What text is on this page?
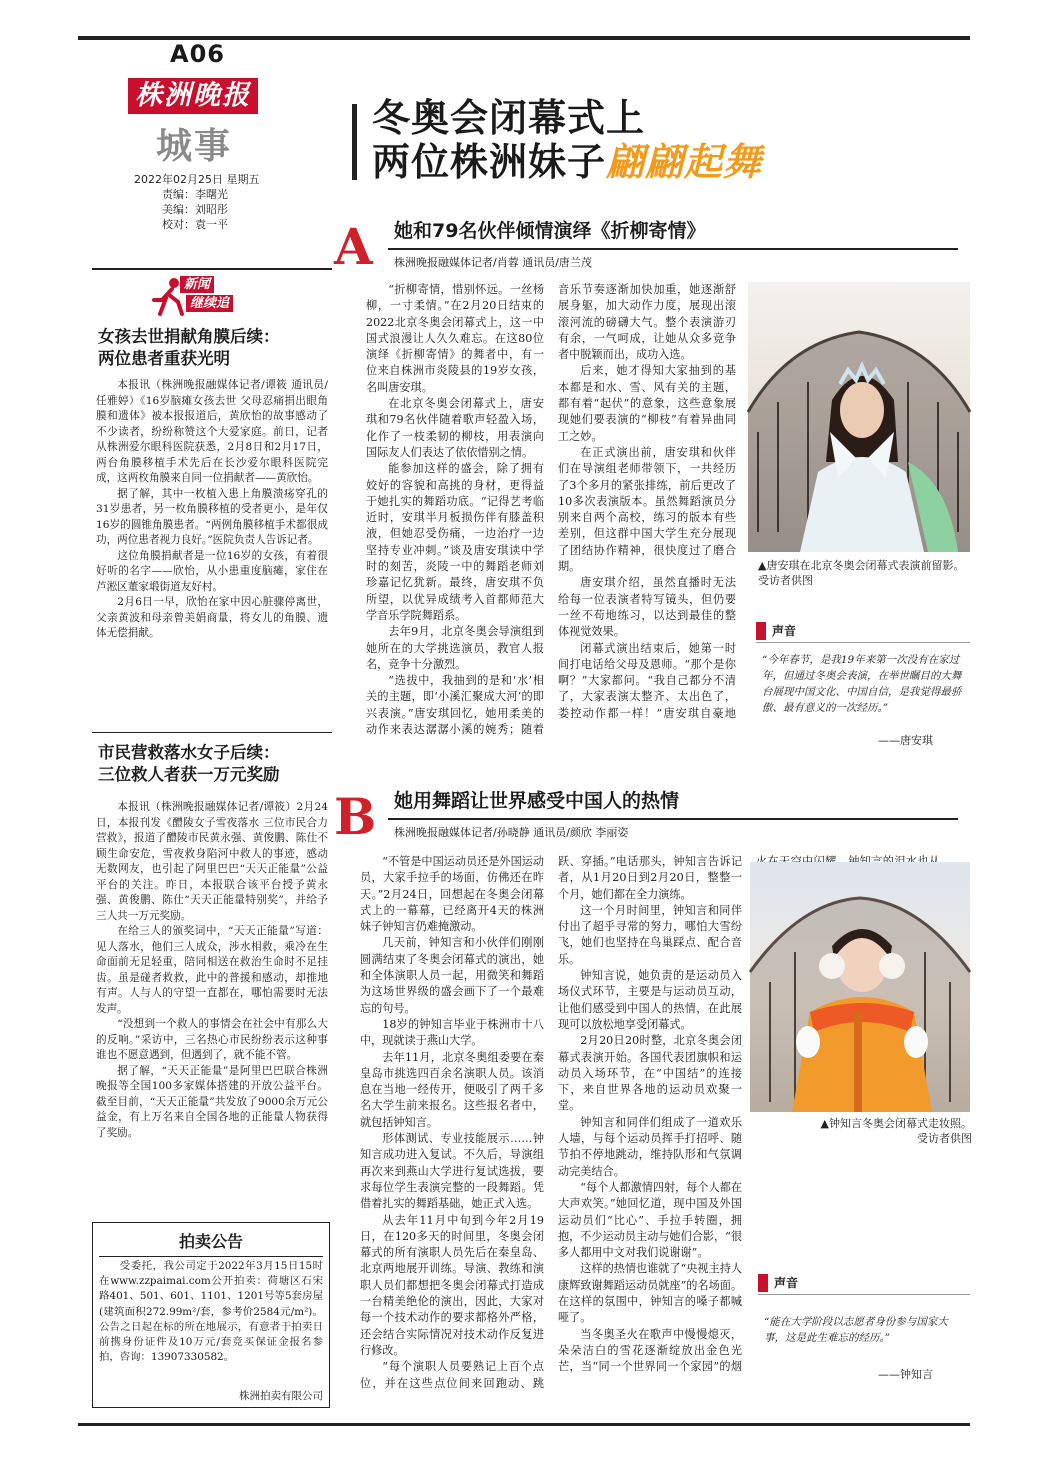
A06
株洲晚报
城事
2022年02月25日 星期五
责编：李曙光
美编：刘昭彤
校对：袁一平
冬奥会闭幕式上
两位株洲妹子翩翩起舞
新闻
继续追
女孩去世捐献角膜后续：
两位患者重获光明

本报讯（株洲晚报融媒体记者/谭筱 通讯员/任雅婷）《16岁脑瘫女孩去世 父母忍痛捐出眼角膜和遗体》被本报报道后，黄欣怡的故事感动了不少读者，纷纷称赞这个大爱家庭。前日，记者从株洲爱尔眼科医院获悉，2月8日和2月17日，两台角膜移植手术先后在长沙爱尔眼科医院完成，这两枚角膜来自同一位捐献者——黄欣怡。

据了解，其中一枚植入患上角膜溃疡穿孔的31岁患者，另一枚角膜移植的受者更小，是年仅16岁的圆锥角膜患者。“两例角膜移植手术都很成功，两位患者视力良好。”医院负责人告诉记者。

这位角膜捐献者是一位16岁的女孩，有着很好听的名字——欣怡，从小患重度脑瘫，家住在芦淞区董家塅街道友好村。

2月6日一早，欣怡在家中因心脏骤停离世，父亲黄波和母亲曾美娟商量，将女儿的角膜、遗体无偿捐献。

市民营救落水女子后续：
三位救人者获一万元奖励

本报讯（株洲晚报融媒体记者/谭筱）2月24日，本报刊发《醴陵女子雪夜落水 三位市民合力营救》，报道了醴陵市民黄永强、黄俊鹏、陈仕不顾生命安危，雪夜救身陷河中救人的事迹，感动无数网友，也引起了阿里巴巴“天天正能量”公益平台的关注。昨日，本报联合该平台授予黄永强、黄俊鹏、陈仕“天天正能量特别奖”，并给予三人共一万元奖励。

在给三人的颁奖词中，“天天正能量”写道：见人落水，他们三人成众，涉水相救，乘冷在生命面前无足轻重，陪同相送在救治生命时不足挂齿。虽是碰者救救，此中的普援和感动，却推地有声。人与人的守望一直都在，哪怕需要时无法发声。

“没想到一个救人的事情会在社会中有那么大的反响。”采访中，三名热心市民纷纷表示这种事谁也不愿意遇到，但遇到了，就不能不管。

据了解，“天天正能量”是阿里巴巴联合株洲晚报等全国100多家媒体搭建的开放公益平台。截至目前，“天天正能量”共发放了9000余万元公益金，有上万名来自全国各地的正能量人物获得了奖励。

拍卖公告
受委托，我公司定于2022年3月15日15时在www.zzpaimai.com公开拍卖：荷塘区石宋路401、501、601、1101、1201号等5套房屋(建筑面积272.99m²/套，参考价2584元/m²)。公告之日起在标的所在地展示，有意者于拍卖日前携身份证件及10万元/套竞买保证金报名参拍，咨询：13907330582。
株洲拍卖有限公司
A 她和79名伙伴倾情演绎《折柳寄情》
株洲晚报融媒体记者/肖蓉 通讯员/唐兰茂

“折柳寄情，惜别怀远。一丝杨柳，一寸柔情。”在2月20日结束的2022北京冬奥会闭幕式上，这一中国式浪漫让人久久难忘。在这80位演绎《折柳寄情》的舞者中，有一位来自株洲市炎陵县的19岁女孩，名叫唐安琪。

在北京冬奥会闭幕式上，唐安琪和79名伙伴随着歌声轻盈入场，化作了一枝柔韧的柳枝，用表演向国际友人们表达了依依惜别之情。

能参加这样的盛会，除了拥有姣好的容貌和高挑的身材，更得益于她扎实的舞蹈功底。“记得艺考临近时，安琪半月板损伤伴有膝盖积液，但她忍受伤痛，一边治疗一边坚持专业冲刺。”谈及唐安琪读中学时的刻苦，炎陵一中的舞蹈老师刘珍嘉记忆犹新。最终，唐安琪不负所望，以优异成绩考入首都师范大学音乐学院舞蹈系。

去年9月，北京冬奥会导演组到她所在的大学挑选演员，教官人报名，竞争十分激烈。

“选拔中，我抽到的是和‘水’相关的主题，即‘小溪汇聚成大河’的即兴表演。”唐安琪回忆，她用柔美的动作来表达潺潺小溪的婉秀；随着音乐节奏逐渐加快加重，她逐渐舒展身躯，加大动作力度，展现出滚滚河流的磅礴大气。整个表演游刃有余，一气呵成，让她从众多竞争者中脱颖而出，成功入选。

后来，她才得知大家抽到的基本都是和水、雪、风有关的主题，都有着“起伏”的意象，这些意象展现她们要表演的“柳枝”有着异曲同工之妙。

在正式演出前，唐安琪和伙伴们在导演组老师带领下，一共经历了3个多月的紧张排练，前后更改了10多次表演版本。虽然舞蹈演员分别来自两个高校，练习的版本有些差别，但这群中国大学生充分展现了团结协作精神，很快度过了磨合期。

唐安琪介绍，虽然直播时无法给每一位表演者特写镜头，但仍要一丝不苟地练习，以达到最佳的整体视觉效果。

闭幕式演出结束后，她第一时间打电话给父母及恩师。“那个是你啊？”大家都问。“我自己都分不清了，大家表演太整齐、太出色了，娄控动作都一样！”唐安琪自豪地

▲唐安琪在北京冬奥会闭幕式表演前留影。受访者供图
声音
“今年春节，是我19年来第一次没有在家过年，但通过冬奥会表演，在举世瞩目的大舞台展现中国文化、中国自信，是我觉得最骄傲、最有意义的一次经历。”
——唐安琪
B 她用舞蹈让世界感受中国人的热情
株洲晚报融媒体记者/孙晓静 通讯员/颜欣 李丽姿

“不管是中国运动员还是外国运动员，大家手拉手的场面，仿佛还在昨天。”2月24日，回想起在冬奥会闭幕式上的一幕幕，已经离开4天的株洲妹子钟知言仍难掩激动。

几天前，钟知言和小伙伴们刚刚圆满结束了冬奥会闭幕式的演出，她和全体演职人员一起，用微笑和舞蹈为这场世界级的盛会画下了一个最难忘的句号。

18岁的钟知言毕业于株洲市十八中，现就读于燕山大学。

去年11月，北京冬奥组委要在秦皇岛市挑选四百余名演职人员。该消息在当地一经传开，便吸引了两千多名大学生前来报名。这些报名者中，就包括钟知言。

形体测试、专业技能展示……钟知言成功进入复试。不久后，导演组再次来到燕山大学进行复试选拔，要求每位学生表演完整的一段舞蹈。凭借着扎实的舞蹈基础，她正式入选。

从去年11月中旬到今年2月19日，在120多天的时间里，冬奥会闭幕式的所有演职人员先后在秦皇岛、北京两地展开训练。导演、教练和演职人员们都想把冬奥会闭幕式打造成一台精美绝伦的演出，因此，大家对每一个技术动作的要求都格外严格，还会结合实际情况对技术动作反复进行修改。

“每个演职人员要熟记上百个点位，并在这些点位间来回跑动、跳跃、穿插。”电话那头，钟知言告诉记者，从1月20日到2月20日，整整一个月，她们都在全力演练。

这一个月时间里，钟知言和同伴付出了超乎寻常的努力，哪怕大雪纷飞，她们也坚持在鸟巢踩点、配合音乐。

钟知言说，她负责的是运动员入场仪式环节，主要是与运动员互动，让他们感受到中国人的热情，在此展现可以放松地享受闭幕式。

2月20日20时整，北京冬奥会闭幕式表演开始。各国代表团旗帜和运动员入场环节，在“中国结”的连接下，来自世界各地的运动员欢聚一堂。

钟知言和同伴们组成了一道欢乐人墙，与每个运动员挥手打招呼、随节拍不停地跳动，维持队形和气氛调动完美结合。

“每个人都激情四射，每个人都在大声欢笑。”她回忆道，现中国及外国运动员们“比心”、手拉手转圈，拥抱，不少运动员主动与她们合影，“很多人都用中文对我们说谢谢”。

这样的热情也谁就了“央视主持人康辉致谢舞蹈运动员就座”的名场面。在这样的氛围中，钟知言的嗓子都喊哑了。

当冬奥圣火在歌声中慢慢熄灭，朵朵洁白的雪花逐渐绽放出金色光芒，当“同一个世界同一个家园”的烟

▲钟知言冬奥会闭幕式走妆照。
受访者供图
声音
“能在大学阶段以志愿者身份参与国家大事，这是此生难忘的经历。”
——钟知言
